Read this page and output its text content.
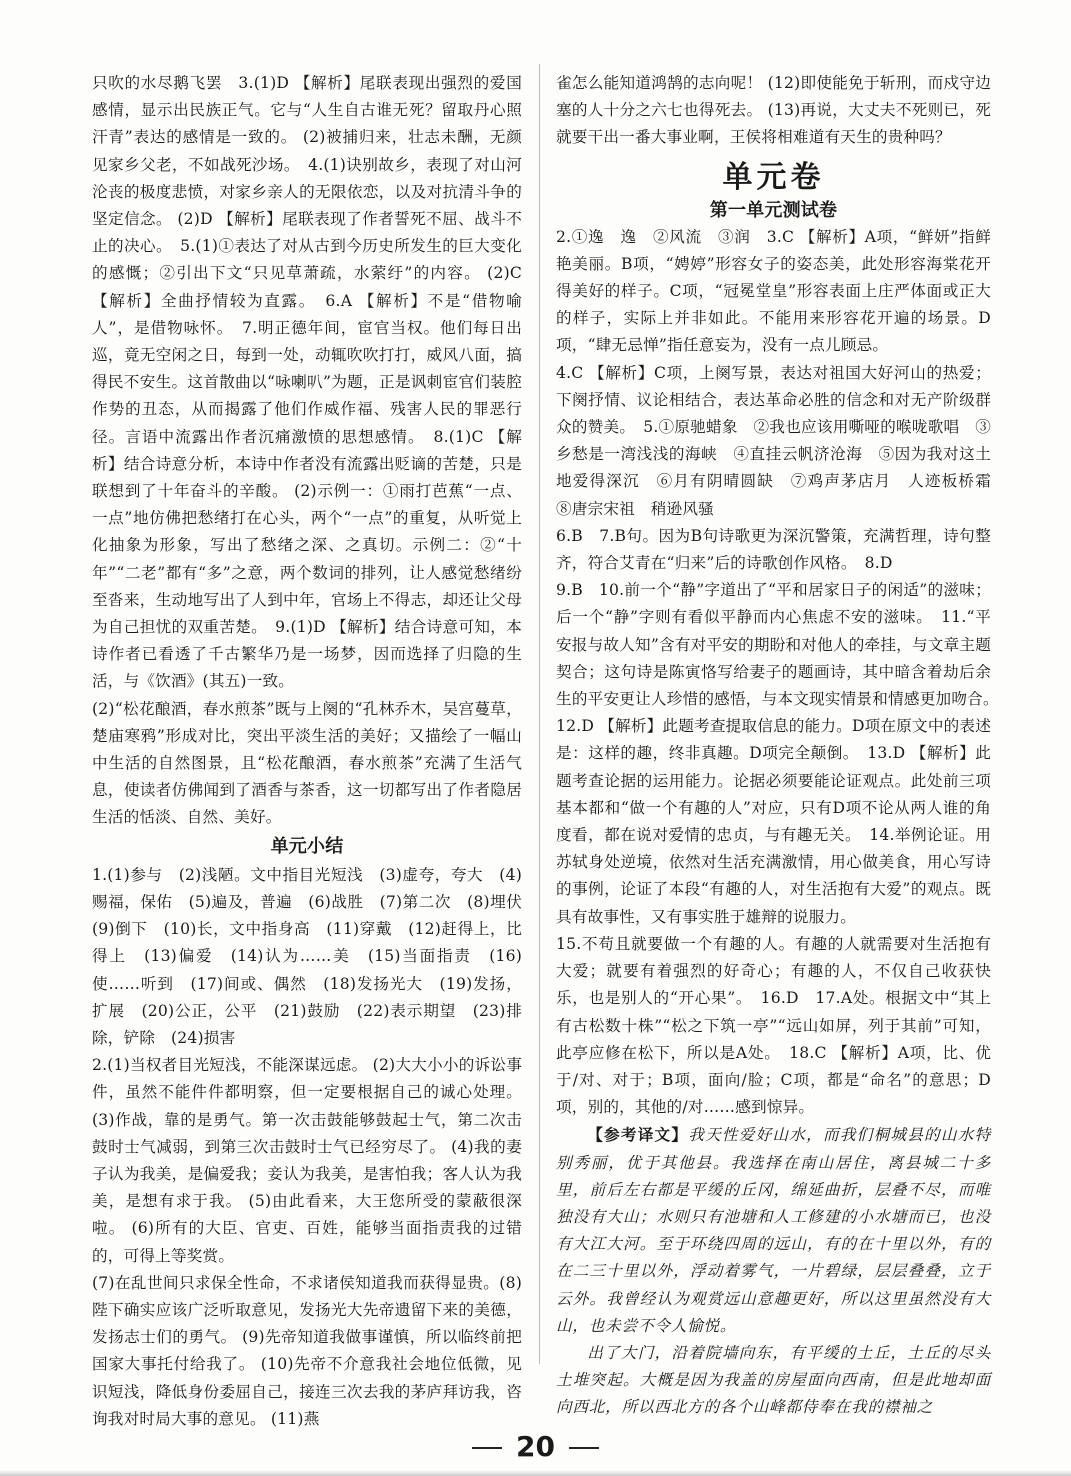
只吹的水尽鹅飞罢　3.(1)D 【解析】尾联表现出强烈的爱国感情，显示出民族正气。它与“人生自古谁无死？留取丹心照汗青”表达的感情是一致的。 (2)被捕归来，壮志未酬，无颜见家乡父老，不如战死沙场。　4.(1)诀别故乡，表现了对山河沦丧的极度悲愤，对家乡亲人的无限依恋，以及对抗清斗争的坚定信念。 (2)D 【解析】尾联表现了作者誓死不屈、战斗不止的决心。　5.(1)①表达了对从古到今历史所发生的巨大变化的感慨；②引出下文“只见草萧疏，水萦纡”的内容。 (2)C 【解析】全曲抒情较为直露。　6.A 【解析】不是“借物喻人”，是借物咏怀。　7.明正德年间，宦官当权。他们每日出巡，竟无空闲之日，每到一处，动辄吹吹打打，威风八面，搞得民不安生。这首散曲以“咏喇叭”为题，正是讽刺宦官们装腔作势的丑态，从而揭露了他们作威作福、残害人民的罪恶行径。言语中流露出作者沉痛激愤的思想感情。　8.(1)C 【解析】结合诗意分析，本诗中作者没有流露出贬谪的苦楚，只是联想到了十年奋斗的辛酸。 (2)示例一：①雨打芭蕉“一点、一点”地仿佛把愁绪打在心头，两个“一点”的重复，从听觉上化抽象为形象，写出了愁绪之深、之真切。示例二：②“十年”“二老”都有“多”之意，两个数词的排列，让人感觉愁绪纷至沓来，生动地写出了人到中年，官场上不得志，却还让父母为自己担忧的双重苦楚。　9.(1)D 【解析】结合诗意可知，本诗作者已看透了千古繁华乃是一场梦，因而选择了归隐的生活，与《饮酒》(其五)一致。

(2)“松花酿酒，春水煎茶”既与上阕的“孔林乔木，吴宫蔓草，楚庙寒鸦”形成对比，突出平淡生活的美好；又描绘了一幅山中生活的自然图景，且“松花酿酒，春水煎茶”充满了生活气息，使读者仿佛闻到了酒香与茶香，这一切都写出了作者隐居生活的恬淡、自然、美好。

单元小结

1.(1)参与　(2)浅陋。文中指目光短浅　(3)虚夸，夸大　(4)赐福，保佑　(5)遍及，普遍　(6)战胜　(7)第二次　(8)埋伏　(9)倒下　(10)长，文中指身高　(11)穿戴　(12)赶得上，比得上　(13)偏爱　(14)认为……美　(15)当面指责　(16)使……听到　(17)间或、偶然　(18)发扬光大　(19)发扬，扩展　(20)公正，公平　(21)鼓励　(22)表示期望　(23)排除，铲除　(24)损害

2.(1)当权者目光短浅，不能深谋远虑。 (2)大大小小的诉讼事件，虽然不能件件都明察，但一定要根据自己的诚心处理。 (3)作战，靠的是勇气。第一次击鼓能够鼓起士气，第二次击鼓时士气减弱，到第三次击鼓时士气已经穷尽了。 (4)我的妻子认为我美，是偏爱我；妾认为我美，是害怕我；客人认为我美，是想有求于我。 (5)由此看来，大王您所受的蒙蔽很深啦。 (6)所有的大臣、官吏、百姓，能够当面指责我的过错的，可得上等奖赏。

(7)在乱世间只求保全性命，不求诸侯知道我而获得显贵。(8)陛下确实应该广泛听取意见，发扬光大先帝遗留下来的美德，发扬志士们的勇气。 (9)先帝知道我做事谨慎，所以临终前把国家大事托付给我了。 (10)先帝不介意我社会地位低微，见识短浅，降低身份委屈自己，接连三次去我的茅庐拜访我，咨询我对时局大事的意见。 (11)燕

雀怎么能知道鸿鹄的志向呢！ (12)即使能免于斩刑，而戍守边塞的人十分之六七也得死去。 (13)再说，大丈夫不死则已，死就要干出一番大事业啊，王侯将相难道有天生的贵种吗？

单元卷
第一单元测试卷

2.①逸　逸　②风流　③润　3.C 【解析】A项，“鲜妍”指鲜艳美丽。B项，“娉婷”形容女子的姿态美，此处形容海棠花开得美好的样子。C项，“冠冕堂皇”形容表面上庄严体面或正大的样子，实际上并非如此。不能用来形容花开遍的场景。D项，“肆无忌惮”指任意妄为，没有一点儿顾忌。

4.C 【解析】C项，上阕写景，表达对祖国大好河山的热爱；下阕抒情、议论相结合，表达革命必胜的信念和对无产阶级群众的赞美。　5.①原驰蜡象　②我也应该用嘶哑的喉咙歌唱　③乡愁是一湾浅浅的海峡　④直挂云帆济沧海　⑤因为我对这土地爱得深沉　⑥月有阴晴圆缺　⑦鸡声茅店月　人迹板桥霜　⑧唐宗宋祖　稍逊风骚

6.B　7.B句。因为B句诗歌更为深沉警策，充满哲理，诗句整齐，符合艾青在“归来”后的诗歌创作风格。　8.D

9.B　10.前一个“静”字道出了“平和居家日子的闲适”的滋味；后一个“静”字则有看似平静而内心焦虑不安的滋味。　11.“平安报与故人知”含有对平安的期盼和对他人的牵挂，与文章主题契合；这句诗是陈寅恪写给妻子的题画诗，其中暗含着劫后余生的平安更让人珍惜的感悟，与本文现实情景和情感更加吻合。　12.D 【解析】此题考查提取信息的能力。D项在原文中的表述是：这样的趣，终非真趣。D项完全颠倒。　13.D 【解析】此题考查论据的运用能力。论据必须要能论证观点。此处前三项基本都和“做一个有趣的人”对应，只有D项不论从两人谁的角度看，都在说对爱情的忠贞，与有趣无关。　14.举例论证。用苏轼身处逆境，依然对生活充满激情，用心做美食，用心写诗的事例，论证了本段“有趣的人，对生活抱有大爱”的观点。既具有故事性，又有事实胜于雄辩的说服力。

15.不苟且就要做一个有趣的人。有趣的人就需要对生活抱有大爱；就要有着强烈的好奇心；有趣的人，不仅自己收获快乐，也是别人的“开心果”。　16.D　17.A处。根据文中“其上有古松数十株”“松之下筑一亭”“远山如屏，列于其前”可知，此亭应修在松下，所以是A处。　18.C 【解析】A项，比、优于/对、对于；B项，面向/脸；C项，都是“命名”的意思；D项，别的，其他的/对……感到惊异。

【参考译文】我天性爱好山水，而我们桐城县的山水特别秀丽，优于其他县。我选择在南山居住，离县城二十多里，前后左右都是平缓的丘冈，绵延曲折，层叠不尽，而唯独没有大山；水则只有池塘和人工修建的小水塘而已，也没有大江大河。至于环绕四周的远山，有的在十里以外，有的在二三十里以外，浮动着雾气，一片碧绿，层层叠叠，立于云外。我曾经认为观赏远山意趣更好，所以这里虽然没有大山，也未尝不令人愉悦。

出了大门，沿着院墙向东，有平缓的土丘，土丘的尽头土堆突起。大概是因为我盖的房屋面向西南，但是此地却面向西北，所以西北方的各个山峰都侍奉在我的襟袖之

20
